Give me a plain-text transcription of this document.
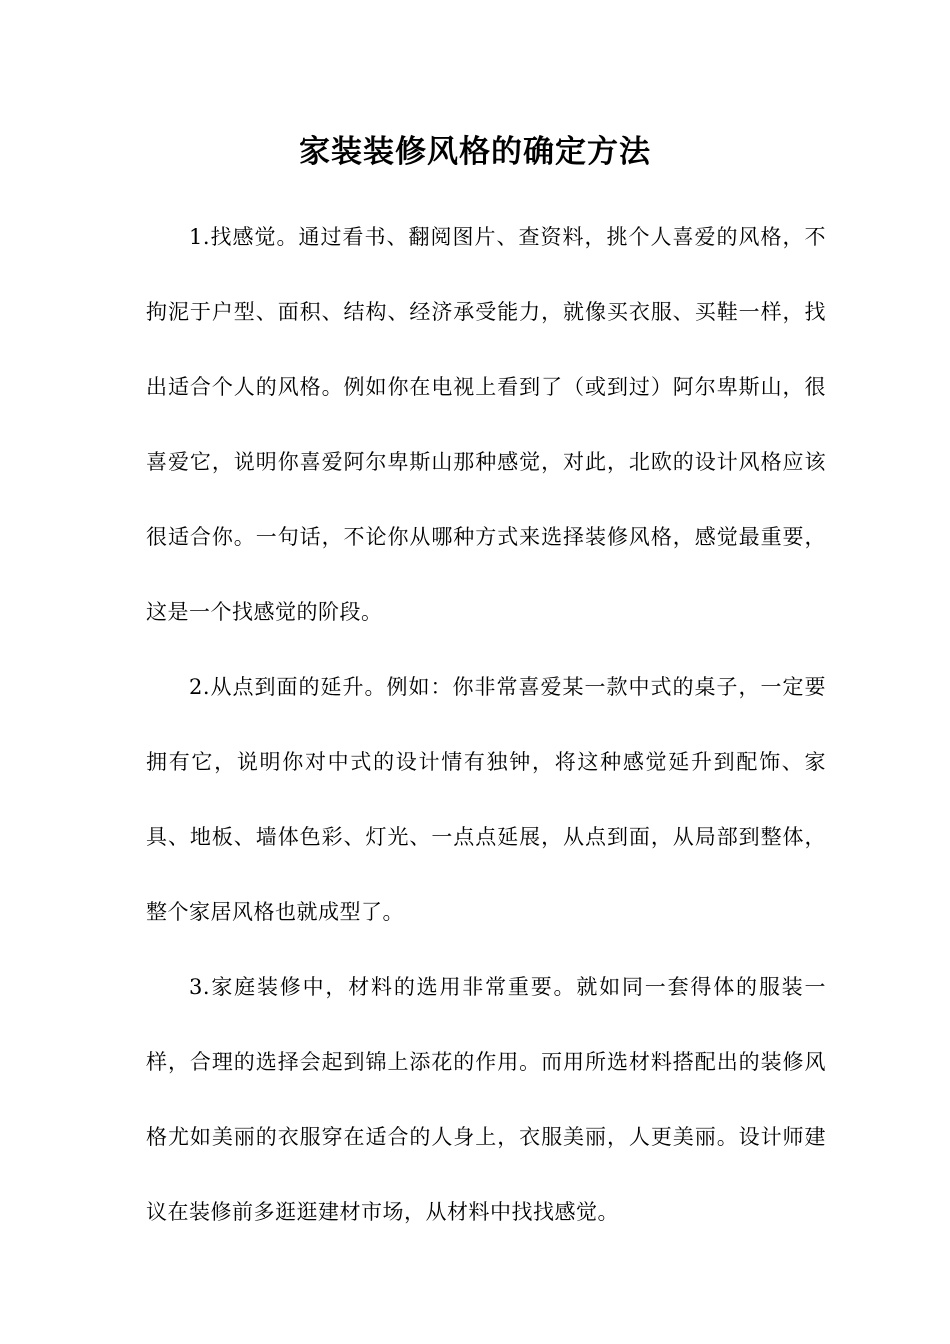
家装装修风格的确定方法

1.找感觉。通过看书、翻阅图片、查资料，挑个人喜爱的风格，不拘泥于户型、面积、结构、经济承受能力，就像买衣服、买鞋一样，找出适合个人的风格。例如你在电视上看到了（或到过）阿尔卑斯山，很喜爱它，说明你喜爱阿尔卑斯山那种感觉，对此，北欧的设计风格应该很适合你。一句话，不论你从哪种方式来选择装修风格，感觉最重要，这是一个找感觉的阶段。

2.从点到面的延升。例如：你非常喜爱某一款中式的桌子，一定要拥有它，说明你对中式的设计情有独钟，将这种感觉延升到配饰、家具、地板、墙体色彩、灯光、一点点延展，从点到面，从局部到整体，整个家居风格也就成型了。

3.家庭装修中，材料的选用非常重要。就如同一套得体的服装一样，合理的选择会起到锦上添花的作用。而用所选材料搭配出的装修风格尤如美丽的衣服穿在适合的人身上，衣服美丽，人更美丽。设计师建议在装修前多逛逛建材市场，从材料中找找感觉。
